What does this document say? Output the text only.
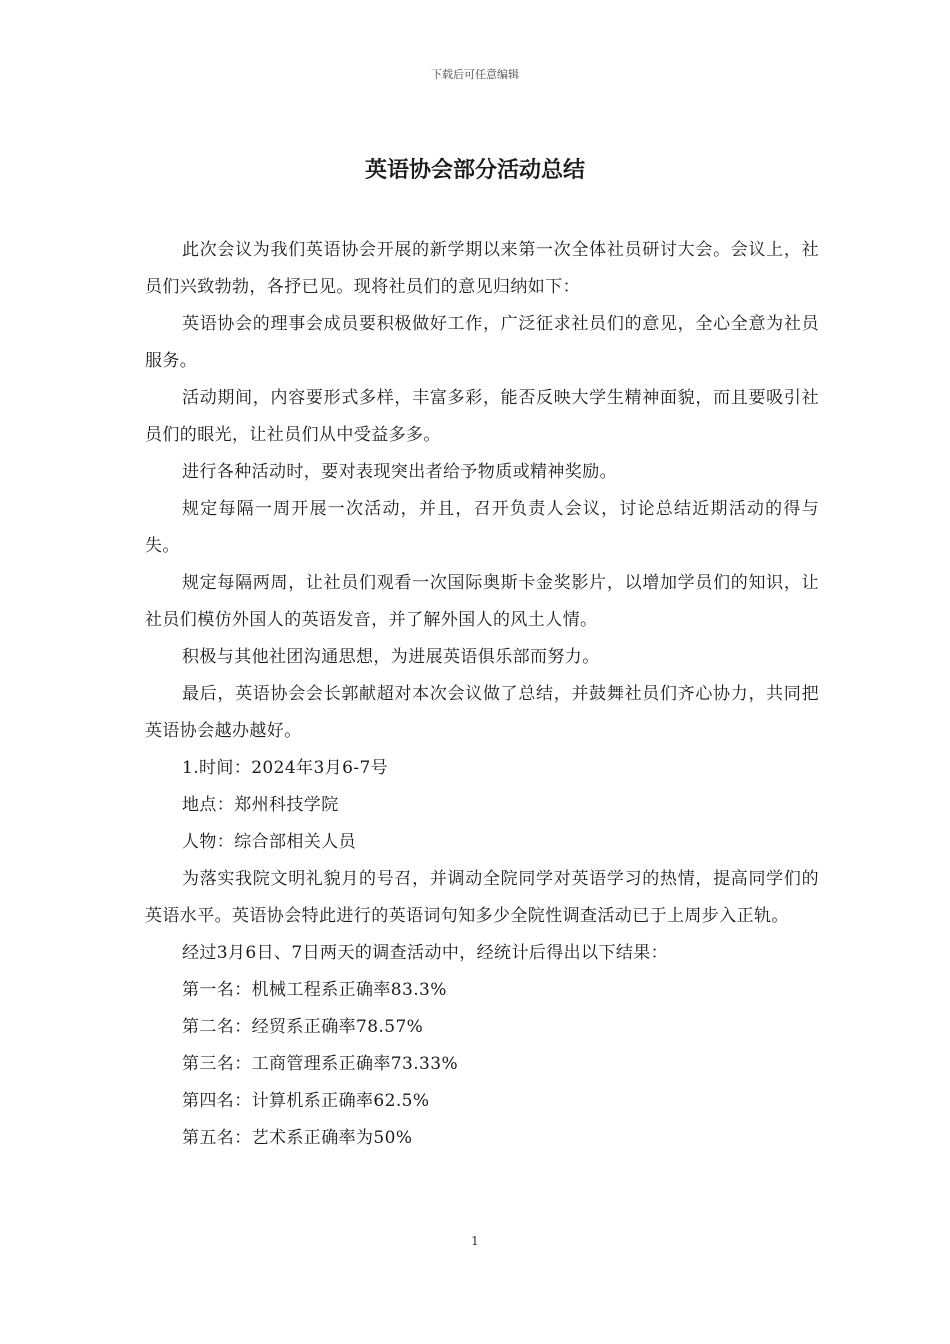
下载后可任意编辑
英语协会部分活动总结

此次会议为我们英语协会开展的新学期以来第一次全体社员研讨大会。会议上，社员们兴致勃勃，各抒已见。现将社员们的意见归纳如下：

英语协会的理事会成员要积极做好工作，广泛征求社员们的意见，全心全意为社员服务。

活动期间，内容要形式多样，丰富多彩，能否反映大学生精神面貌，而且要吸引社员们的眼光，让社员们从中受益多多。

进行各种活动时，要对表现突出者给予物质或精神奖励。

规定每隔一周开展一次活动，并且，召开负责人会议，讨论总结近期活动的得与失。

规定每隔两周，让社员们观看一次国际奥斯卡金奖影片，以增加学员们的知识，让社员们模仿外国人的英语发音，并了解外国人的风土人情。

积极与其他社团沟通思想，为进展英语俱乐部而努力。

最后，英语协会会长郭献超对本次会议做了总结，并鼓舞社员们齐心协力，共同把英语协会越办越好。

1.时间：2024年3月6-7号

地点：郑州科技学院

人物：综合部相关人员

为落实我院文明礼貌月的号召，并调动全院同学对英语学习的热情，提高同学们的英语水平。英语协会特此进行的英语词句知多少全院性调查活动已于上周步入正轨。

经过3月6日、7日两天的调查活动中，经统计后得出以下结果：

第一名：机械工程系正确率83.3%

第二名：经贸系正确率78.57%

第三名：工商管理系正确率73.33%

第四名：计算机系正确率62.5%

第五名：艺术系正确率为50%

1
